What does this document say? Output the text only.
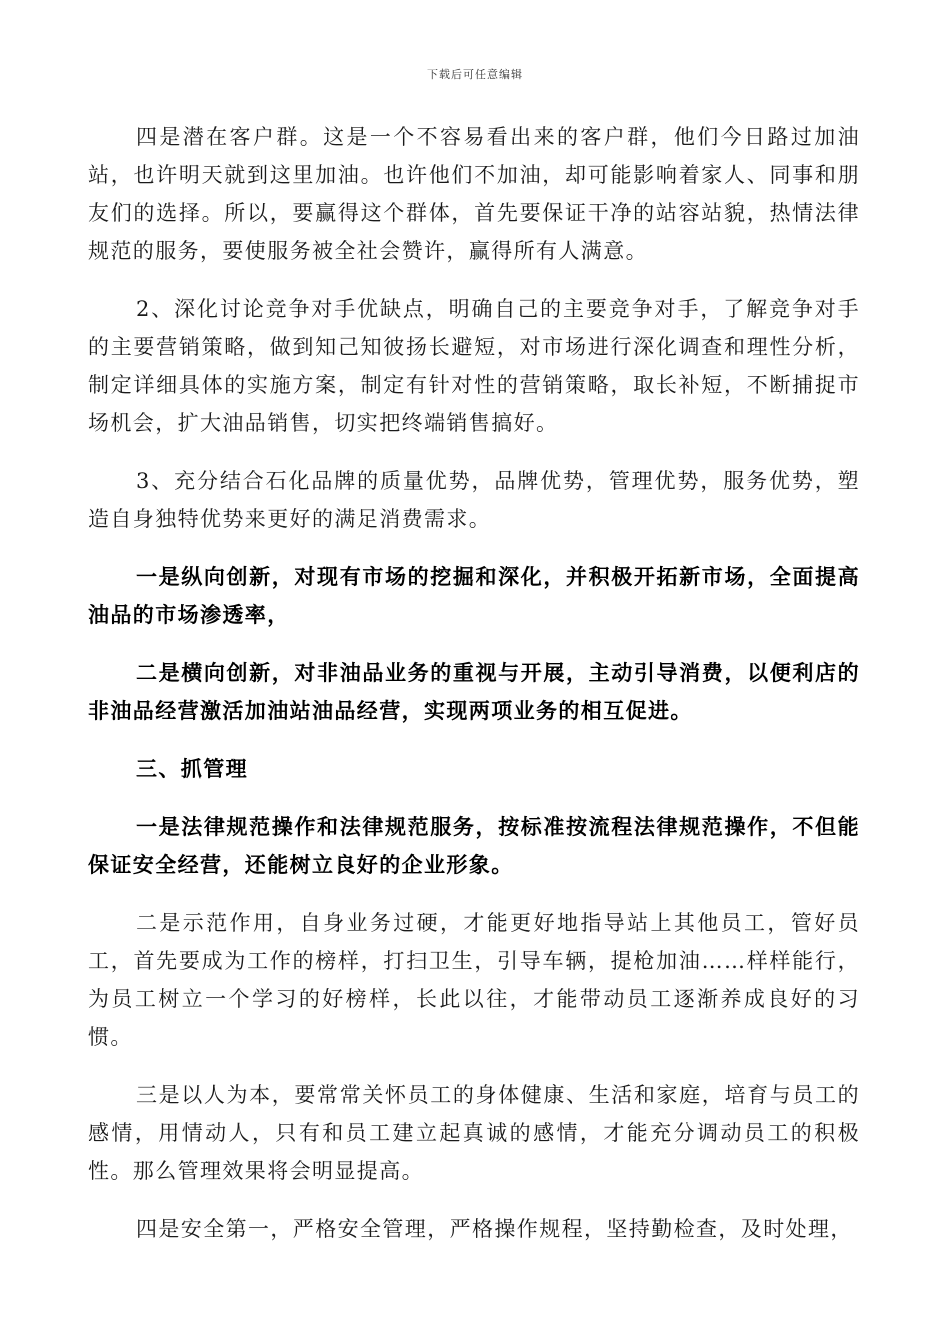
下载后可任意编辑

四是潜在客户群。这是一个不容易看出来的客户群，他们今日路过加油站，也许明天就到这里加油。也许他们不加油，却可能影响着家人、同事和朋友们的选择。所以，要赢得这个群体，首先要保证干净的站容站貌，热情法律规范的服务，要使服务被全社会赞许，赢得所有人满意。

2、深化讨论竞争对手优缺点，明确自己的主要竞争对手，了解竞争对手的主要营销策略，做到知己知彼扬长避短，对市场进行深化调查和理性分析，制定详细具体的实施方案，制定有针对性的营销策略，取长补短，不断捕捉市场机会，扩大油品销售，切实把终端销售搞好。

3、充分结合石化品牌的质量优势，品牌优势，管理优势，服务优势，塑造自身独特优势来更好的满足消费需求。

一是纵向创新，对现有市场的挖掘和深化，并积极开拓新市场，全面提高油品的市场渗透率，

二是横向创新，对非油品业务的重视与开展，主动引导消费，以便利店的非油品经营激活加油站油品经营，实现两项业务的相互促进。

三、抓管理

一是法律规范操作和法律规范服务，按标准按流程法律规范操作，不但能保证安全经营，还能树立良好的企业形象。

二是示范作用，自身业务过硬，才能更好地指导站上其他员工，管好员工，首先要成为工作的榜样，打扫卫生，引导车辆，提枪加油……样样能行，为员工树立一个学习的好榜样，长此以往，才能带动员工逐渐养成良好的习惯。

三是以人为本，要常常关怀员工的身体健康、生活和家庭，培育与员工的感情，用情动人，只有和员工建立起真诚的感情，才能充分调动员工的积极性。那么管理效果将会明显提高。

四是安全第一，严格安全管理，严格操作规程，坚持勤检查，及时处理，
